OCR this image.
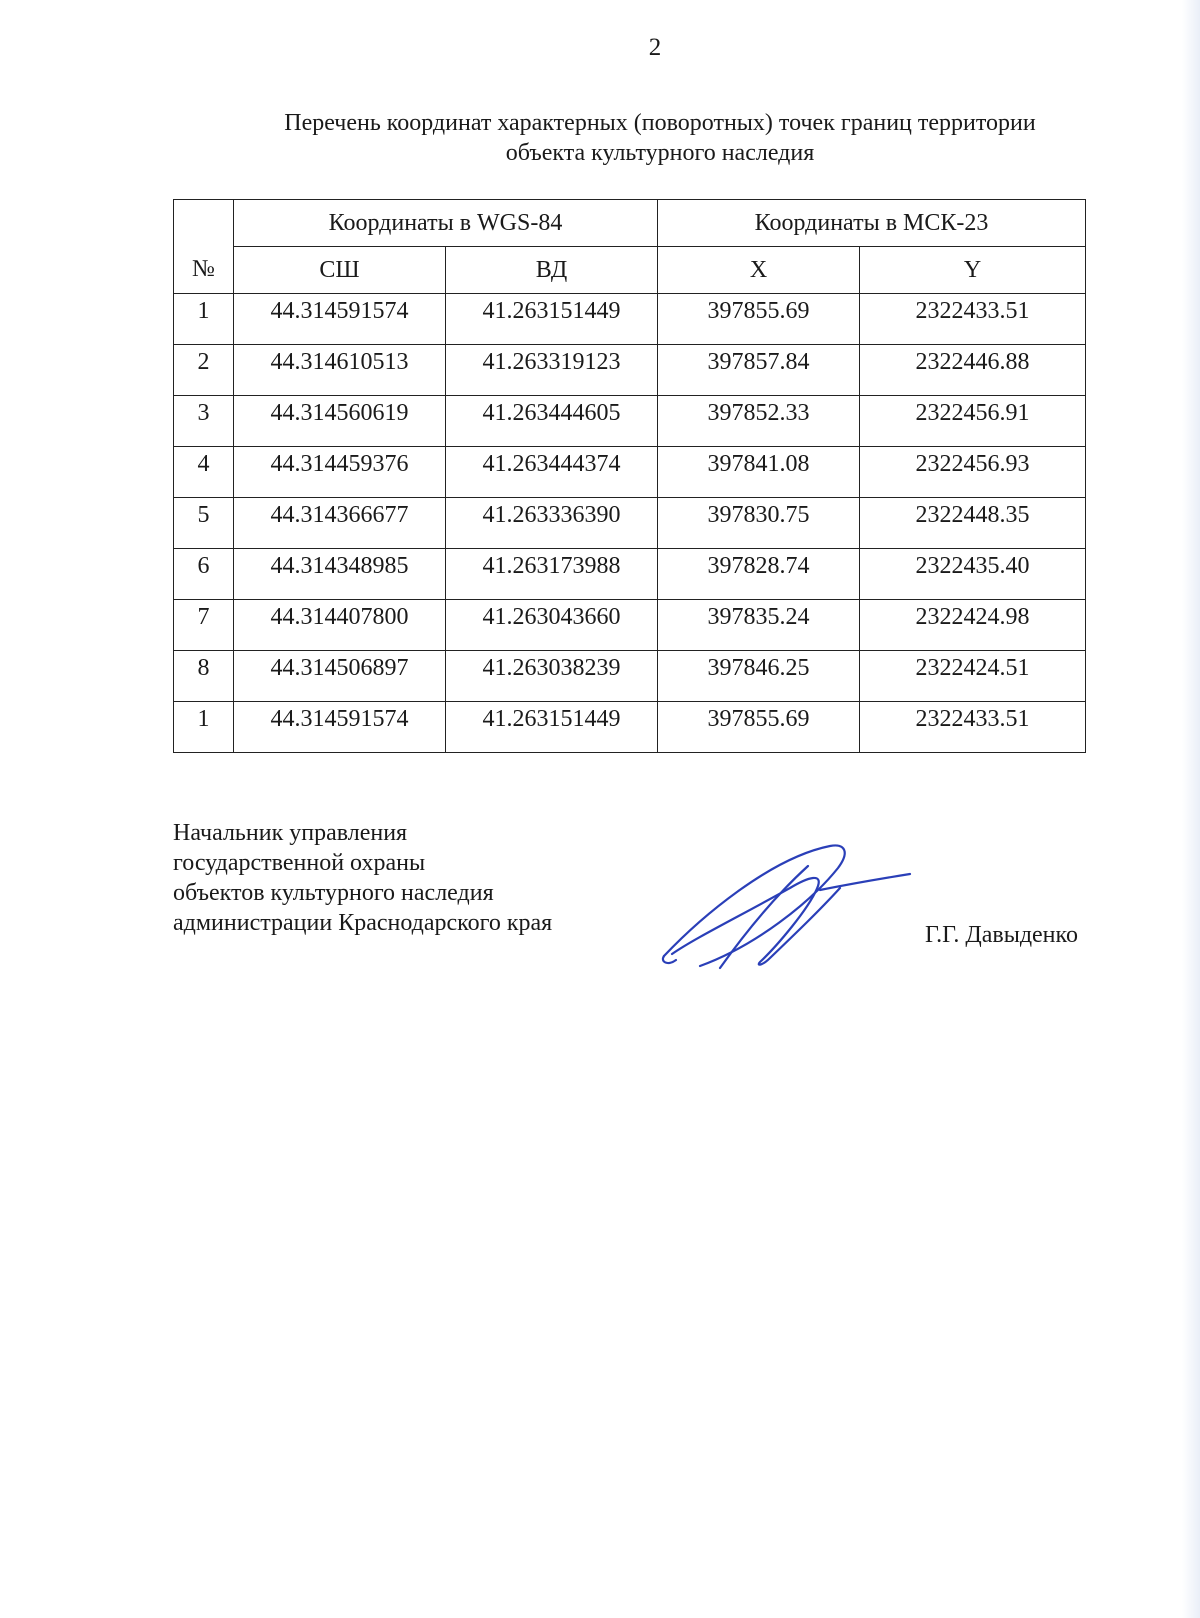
2
Перечень координат характерных (поворотных) точек границ территории
объекта культурного наследия
№	Координаты в WGS-84		Координаты в МСК-23	
	СШ	ВД	X	Y
1	44.314591574	41.263151449	397855.69	2322433.51
2	44.314610513	41.263319123	397857.84	2322446.88
3	44.314560619	41.263444605	397852.33	2322456.91
4	44.314459376	41.263444374	397841.08	2322456.93
5	44.314366677	41.263336390	397830.75	2322448.35
6	44.314348985	41.263173988	397828.74	2322435.40
7	44.314407800	41.263043660	397835.24	2322424.98
8	44.314506897	41.263038239	397846.25	2322424.51
1	44.314591574	41.263151449	397855.69	2322433.51
Начальник управления
государственной охраны
объектов культурного наследия
администрации Краснодарского края	Г.Г. Давыденко
